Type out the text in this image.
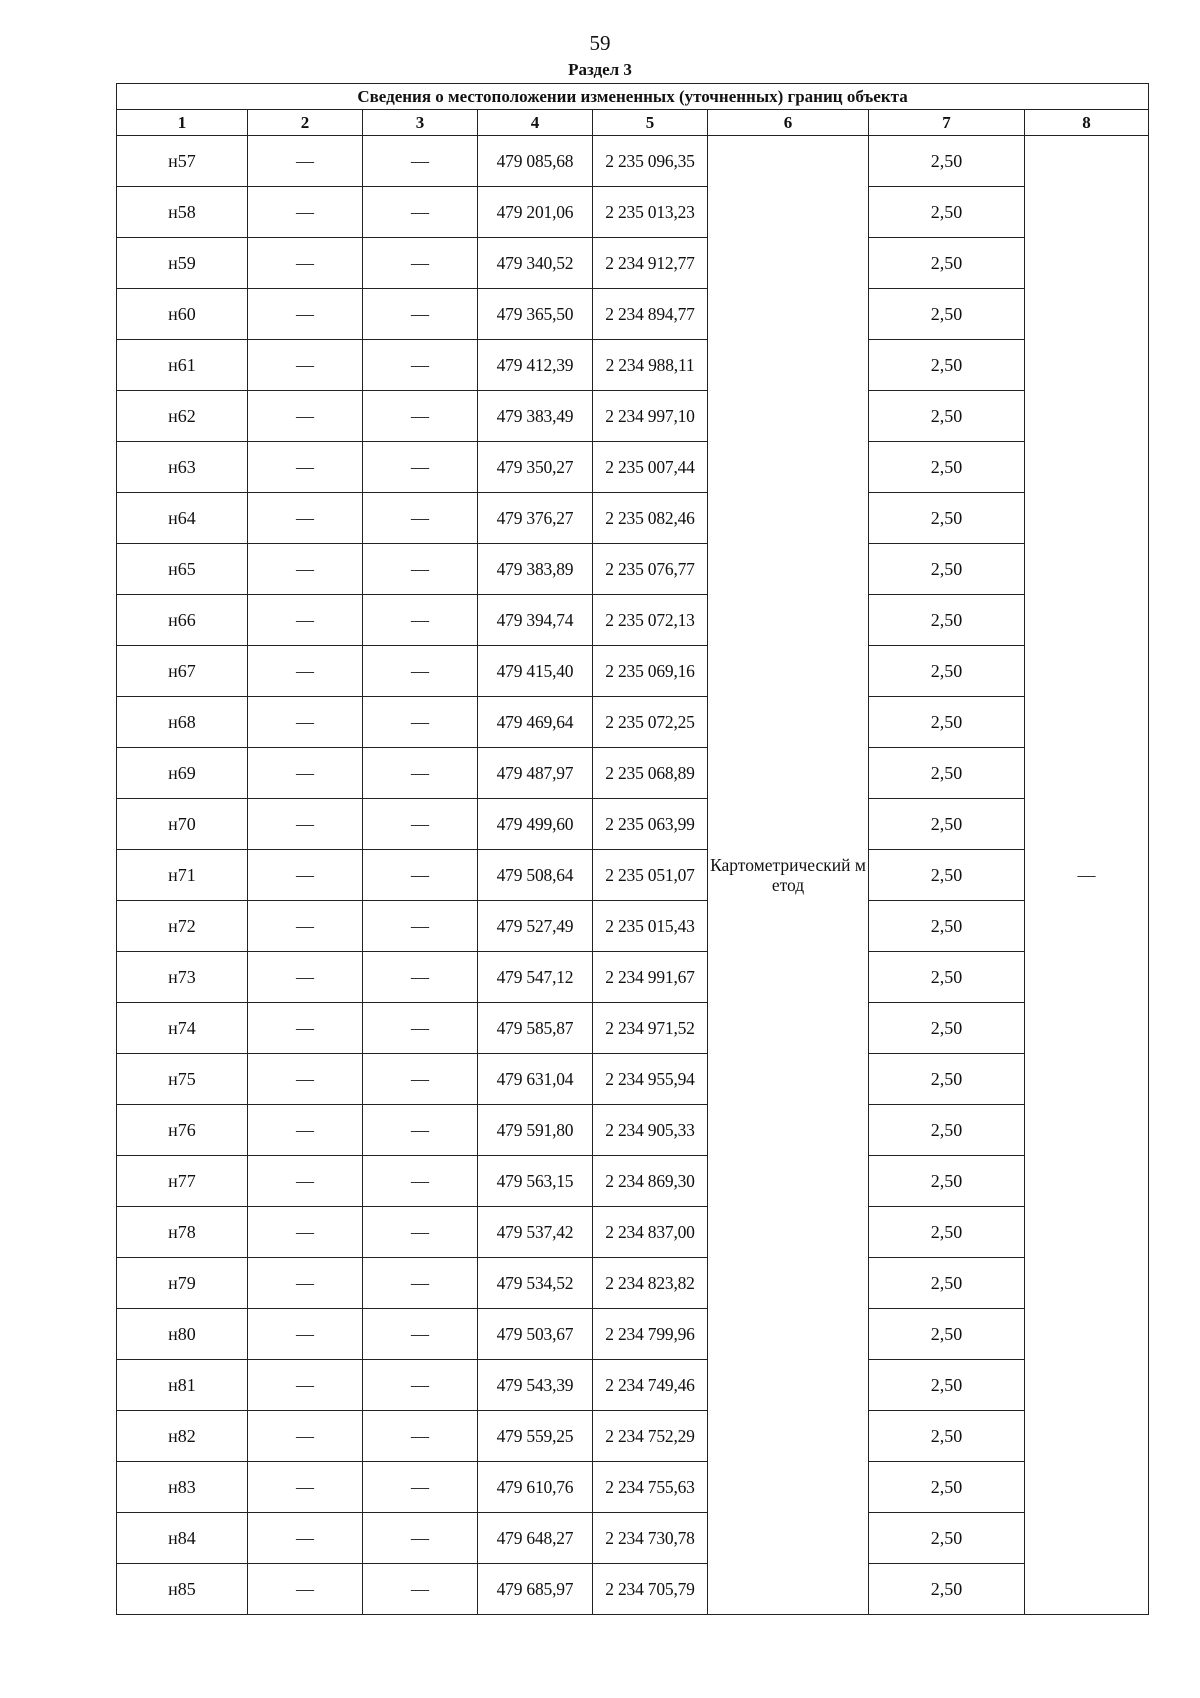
59
Раздел 3
Сведения о местоположении измененных (уточненных) границ объекта							
1	2	3	4	5	6	7	8
н57	—	—	479 085,68	2 235 096,35	Картометрический метод	2,50	—
н58	—	—	479 201,06	2 235 013,23		2,50	
н59	—	—	479 340,52	2 234 912,77		2,50	
н60	—	—	479 365,50	2 234 894,77		2,50	
н61	—	—	479 412,39	2 234 988,11		2,50	
н62	—	—	479 383,49	2 234 997,10		2,50	
н63	—	—	479 350,27	2 235 007,44		2,50	
н64	—	—	479 376,27	2 235 082,46		2,50	
н65	—	—	479 383,89	2 235 076,77		2,50	
н66	—	—	479 394,74	2 235 072,13		2,50	
н67	—	—	479 415,40	2 235 069,16		2,50	
н68	—	—	479 469,64	2 235 072,25		2,50	
н69	—	—	479 487,97	2 235 068,89		2,50	
н70	—	—	479 499,60	2 235 063,99		2,50	
н71	—	—	479 508,64	2 235 051,07		2,50	
н72	—	—	479 527,49	2 235 015,43		2,50	
н73	—	—	479 547,12	2 234 991,67		2,50	
н74	—	—	479 585,87	2 234 971,52		2,50	
н75	—	—	479 631,04	2 234 955,94		2,50	
н76	—	—	479 591,80	2 234 905,33		2,50	
н77	—	—	479 563,15	2 234 869,30		2,50	
н78	—	—	479 537,42	2 234 837,00		2,50	
н79	—	—	479 534,52	2 234 823,82		2,50	
н80	—	—	479 503,67	2 234 799,96		2,50	
н81	—	—	479 543,39	2 234 749,46		2,50	
н82	—	—	479 559,25	2 234 752,29		2,50	
н83	—	—	479 610,76	2 234 755,63		2,50	
н84	—	—	479 648,27	2 234 730,78		2,50	
н85	—	—	479 685,97	2 234 705,79		2,50	
